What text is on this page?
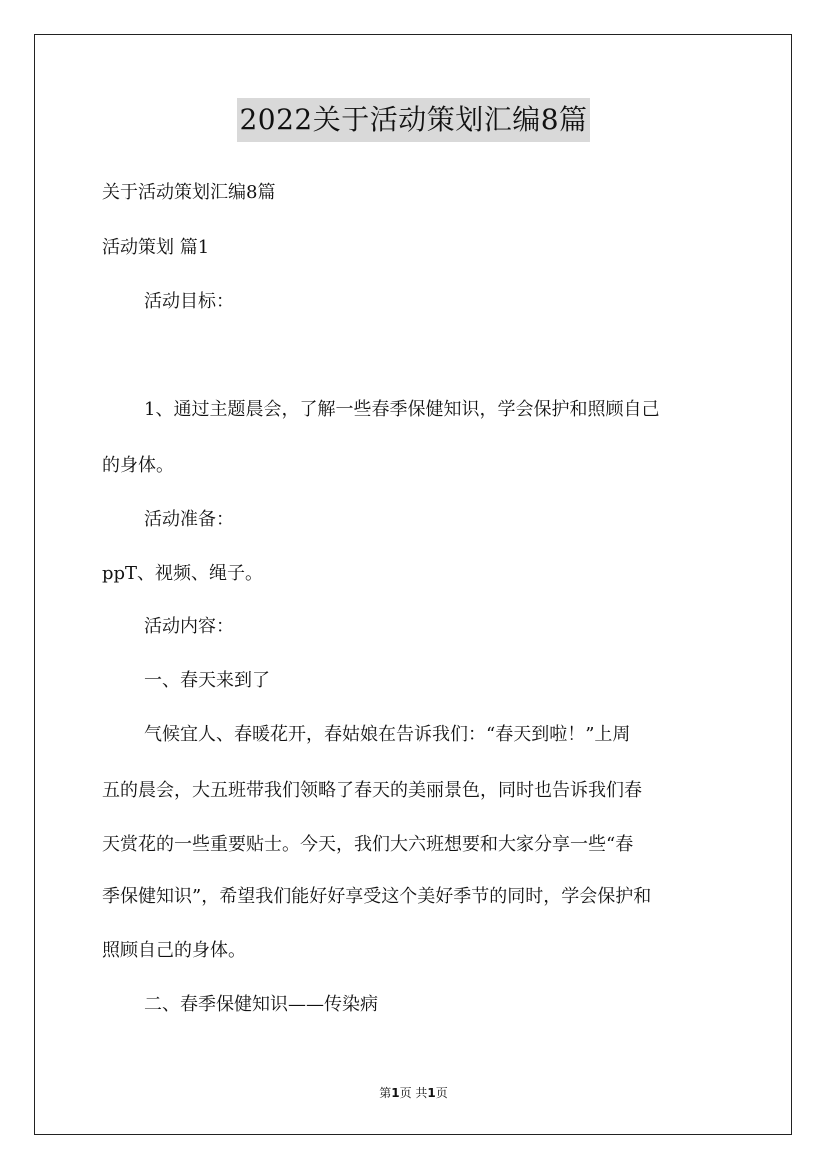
2022关于活动策划汇编8篇
关于活动策划汇编8篇
活动策划 篇1
活动目标：
1、通过主题晨会，了解一些春季保健知识，学会保护和照顾自己
的身体。
活动准备：
ppT、视频、绳子。
活动内容：
一、春天来到了
气候宜人、春暖花开，春姑娘在告诉我们：“春天到啦！”上周
五的晨会，大五班带我们领略了春天的美丽景色，同时也告诉我们春
天赏花的一些重要贴士。今天，我们大六班想要和大家分享一些“春
季保健知识”，希望我们能好好享受这个美好季节的同时，学会保护和
照顾自己的身体。
二、春季保健知识——传染病
第1页 共1页
